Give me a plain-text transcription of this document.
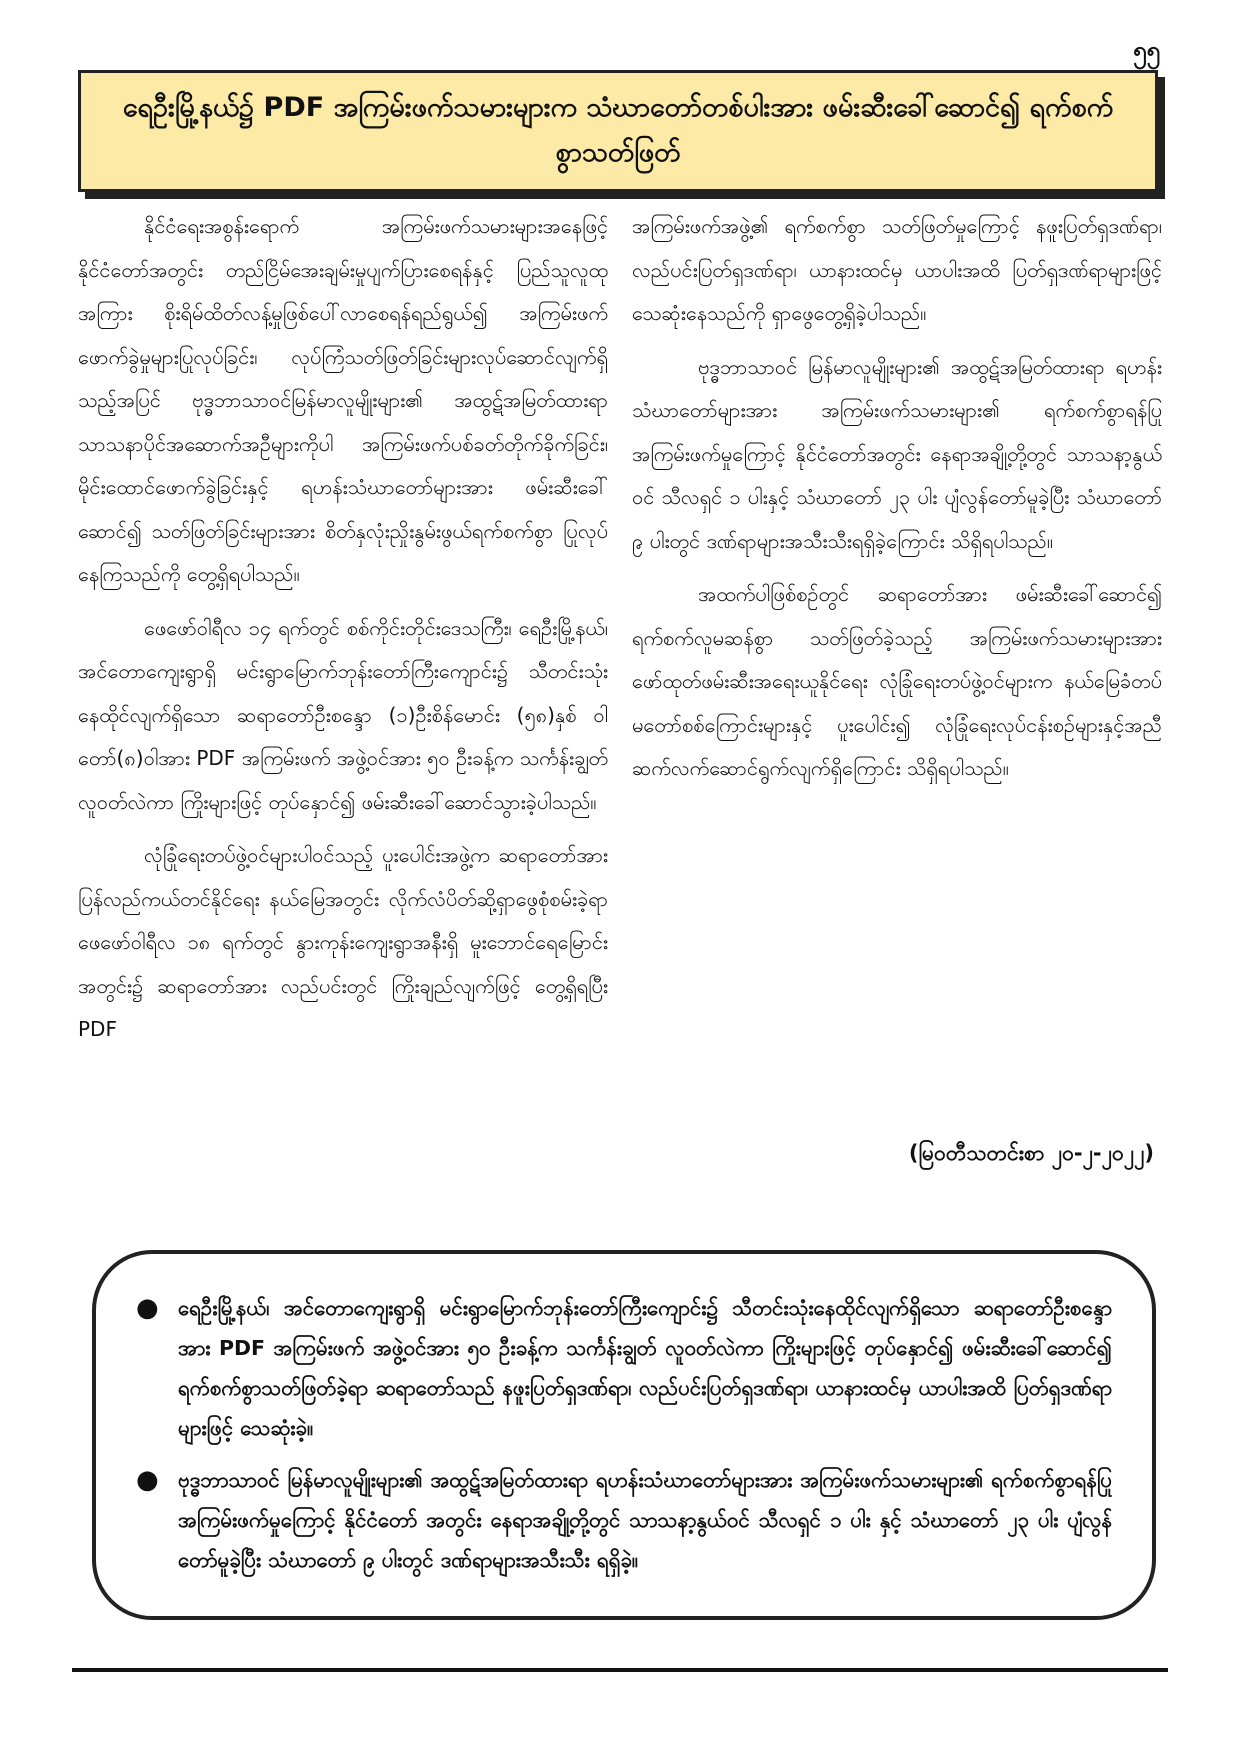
၅၅
ရေဦးမြို့နယ်၌ PDF အကြမ်းဖက်သမားများက သံဃာတော်တစ်ပါးအား ဖမ်းဆီးခေါ်ဆောင်၍ ရက်စက်စွာသတ်ဖြတ်

နိုင်ငံရေးအစွန်းရောက် အကြမ်းဖက်သမားများအနေဖြင့် နိုင်ငံတော်အတွင်း တည်ငြိမ်အေးချမ်းမှုပျက်ပြားစေရန်နှင့် ပြည်သူလူထုအကြား စိုးရိမ်ထိတ်လန့်မှုဖြစ်ပေါ်လာစေရန်ရည်ရွယ်၍ အကြမ်းဖက်ဖောက်ခွဲမှုများပြုလုပ်ခြင်း၊ လုပ်ကြံသတ်ဖြတ်ခြင်းများလုပ်ဆောင်လျက်ရှိသည့်အပြင် ဗုဒ္ဓဘာသာဝင်မြန်မာလူမျိုးများ၏ အထွဋ်အမြတ်ထားရာ သာသနာပိုင်အဆောက်အဦများကိုပါ အကြမ်းဖက်ပစ်ခတ်တိုက်ခိုက်ခြင်း၊ မိုင်းထောင်ဖောက်ခွဲခြင်းနှင့် ရဟန်းသံဃာတော်များအား ဖမ်းဆီးခေါ်ဆောင်၍ သတ်ဖြတ်ခြင်းများအား စိတ်နှလုံးညှိုးနွမ်းဖွယ်ရက်စက်စွာ ပြုလုပ်နေကြသည်ကို တွေ့ရှိရပါသည်။

ဖေဖော်ဝါရီလ ၁၄ ရက်တွင် စစ်ကိုင်းတိုင်းဒေသကြီး၊ ရေဦးမြို့နယ်၊ အင်တောကျေးရွာရှိ မင်းရွာမြောက်ဘုန်းတော်ကြီးကျောင်း၌ သီတင်းသုံးနေထိုင်လျက်ရှိသော ဆရာတော်ဦးစန္ဒော (၁)ဦးစိန်မောင်း (၅၈)နှစ် ဝါတော်(၈)ဝါအား PDF အကြမ်းဖက် အဖွဲ့ဝင်အား ၅၀ ဦးခန့်က သင်္ကန်းချွတ် လူဝတ်လဲကာ ကြိုးများဖြင့် တုပ်နှောင်၍ ဖမ်းဆီးခေါ်ဆောင်သွားခဲ့ပါသည်။

လုံခြုံရေးတပ်ဖွဲ့ဝင်များပါဝင်သည့် ပူးပေါင်းအဖွဲ့က ဆရာတော်အား ပြန်လည်ကယ်တင်နိုင်ရေး နယ်မြေအတွင်း လိုက်လံပိတ်ဆို့ရှာဖွေစုံစမ်းခဲ့ရာ ဖေဖော်ဝါရီလ ၁၈ ရက်တွင် နွားကုန်းကျေးရွာအနီးရှိ မူးဘောင်ရေမြောင်းအတွင်း၌ ဆရာတော်အား လည်ပင်းတွင် ကြိုးချည်လျက်ဖြင့် တွေ့ရှိရပြီး PDF

အကြမ်းဖက်အဖွဲ့၏ ရက်စက်စွာ သတ်ဖြတ်မှုကြောင့် နဖူးပြတ်ရှဒဏ်ရာ၊ လည်ပင်းပြတ်ရှဒဏ်ရာ၊ ယာနားထင်မှ ယာပါးအထိ ပြတ်ရှဒဏ်ရာများဖြင့် သေဆုံးနေသည်ကို ရှာဖွေတွေ့ရှိခဲ့ပါသည်။

ဗုဒ္ဓဘာသာဝင် မြန်မာလူမျိုးများ၏ အထွဋ်အမြတ်ထားရာ ရဟန်းသံဃာတော်များအား အကြမ်းဖက်သမားများ၏ ရက်စက်စွာရန်ပြုအကြမ်းဖက်မှုကြောင့် နိုင်ငံတော်အတွင်း နေရာအချို့တို့တွင် သာသနာ့နွယ်ဝင် သီလရှင် ၁ ပါးနှင့် သံဃာတော် ၂၃ ပါး ပျံလွန်တော်မူခဲ့ပြီး သံဃာတော် ၉ ပါးတွင် ဒဏ်ရာများအသီးသီးရရှိခဲ့ကြောင်း သိရှိရပါသည်။

အထက်ပါဖြစ်စဉ်တွင် ဆရာတော်အား ဖမ်းဆီးခေါ်ဆောင်၍ ရက်စက်လူမဆန်စွာ သတ်ဖြတ်ခဲ့သည့် အကြမ်းဖက်သမားများအား ဖော်ထုတ်ဖမ်းဆီးအရေးယူနိုင်ရေး လုံခြုံရေးတပ်ဖွဲ့ဝင်များက နယ်မြေခံတပ်မတော်စစ်ကြောင်းများနှင့် ပူးပေါင်း၍ လုံခြုံရေးလုပ်ငန်းစဉ်များနှင့်အညီ ဆက်လက်ဆောင်ရွက်လျက်ရှိကြောင်း သိရှိရပါသည်။

(မြဝတီသတင်းစာ ၂၀-၂-၂၀၂၂)
● ရေဦးမြို့နယ်၊ အင်တောကျေးရွာရှိ မင်းရွာမြောက်ဘုန်းတော်ကြီးကျောင်း၌ သီတင်းသုံးနေထိုင်လျက်ရှိသော ဆရာတော်ဦးစန္ဒောအား PDF အကြမ်းဖက် အဖွဲ့ဝင်အား ၅၀ ဦးခန့်က သင်္ကန်းချွတ် လူဝတ်လဲကာ ကြိုးများဖြင့် တုပ်နှောင်၍ ဖမ်းဆီးခေါ်ဆောင်၍ ရက်စက်စွာသတ်ဖြတ်ခဲ့ရာ ဆရာတော်သည် နဖူးပြတ်ရှဒဏ်ရာ၊ လည်ပင်းပြတ်ရှဒဏ်ရာ၊ ယာနားထင်မှ ယာပါးအထိ ပြတ်ရှဒဏ်ရာများဖြင့် သေဆုံးခဲ့။
● ဗုဒ္ဓဘာသာဝင် မြန်မာလူမျိုးများ၏ အထွဋ်အမြတ်ထားရာ ရဟန်းသံဃာတော်များအား အကြမ်းဖက်သမားများ၏ ရက်စက်စွာရန်ပြုအကြမ်းဖက်မှုကြောင့် နိုင်ငံတော် အတွင်း နေရာအချို့တို့တွင် သာသနာ့နွယ်ဝင် သီလရှင် ၁ ပါး နှင့် သံဃာတော် ၂၃ ပါး ပျံလွန်တော်မူခဲ့ပြီး သံဃာတော် ၉ ပါးတွင် ဒဏ်ရာများအသီးသီး ရရှိခဲ့။
